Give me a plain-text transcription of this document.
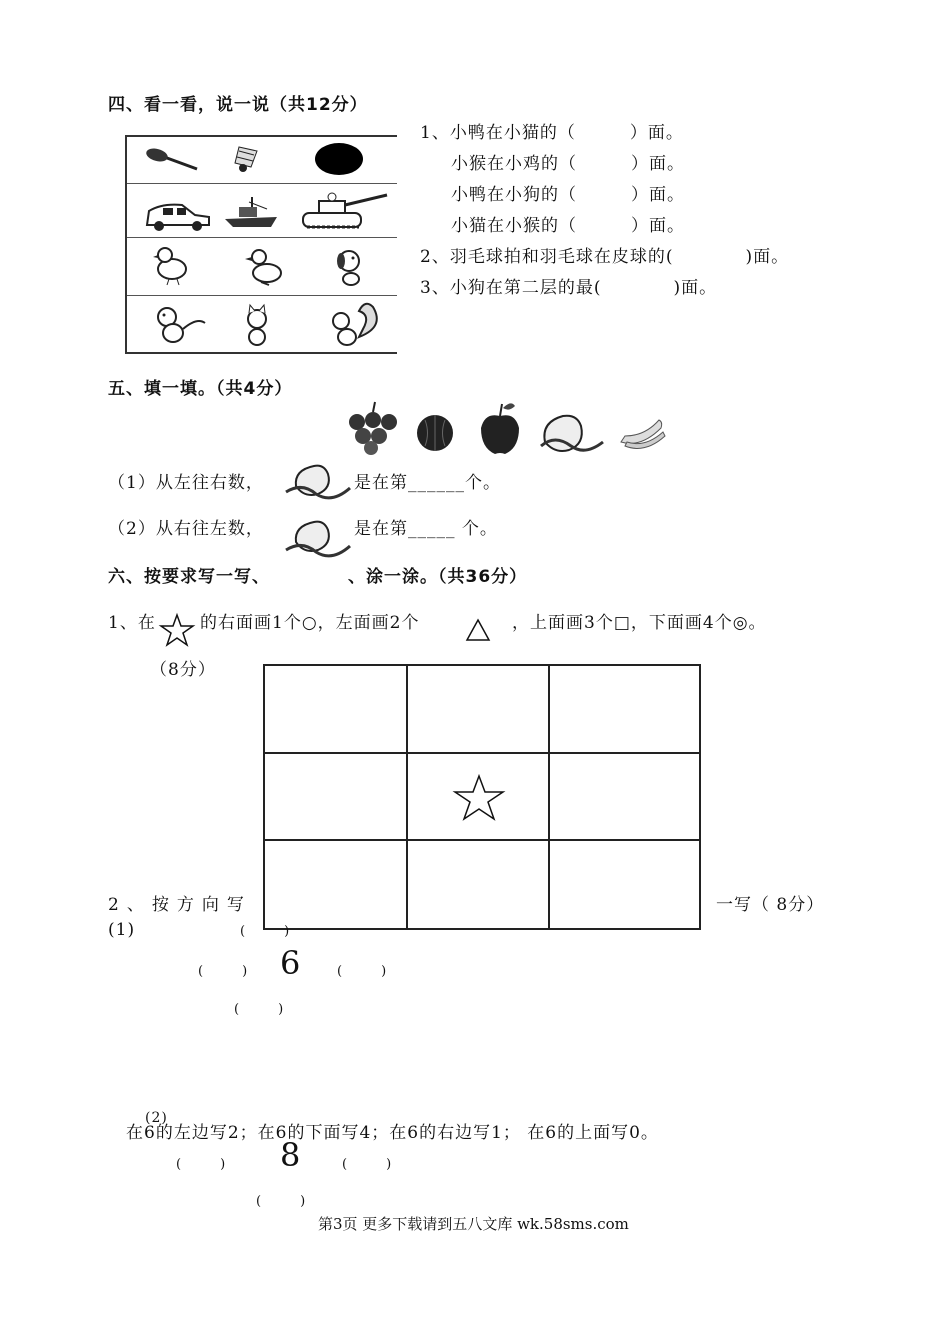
四、看一看，说一说（共12分）
1、小鸭在小猫的（　　　）面。
小猴在小鸡的（　　　）面。
小鸭在小狗的（　　　）面。
小猫在小猴的（　　　）面。
2、羽毛球拍和羽毛球在皮球的(　　　　)面。
3、小狗在第二层的最(　　　　)面。
五、填一填。（共4分）
（1）从左往右数，	是在第______个。
（2）从右往左数，	是在第_____ 个。
六、按要求写一写、	、涂一涂。（共36分）
1、在	的右面画1个○，左面画2个	，上面画3个□，下面画4个◎。
（8分）
2、按方向写	一写（ 8分）
(1)	(　　　)
(　　　) 6	(　　　)
(　　　)
(2)
在6的左边写2；在6的下面写4；在6的右边写1； 在6的上面写0。
(　　　) 8	(　　　)
(　　　)
第3页 更多下载请到五八文库 wk.58sms.com
